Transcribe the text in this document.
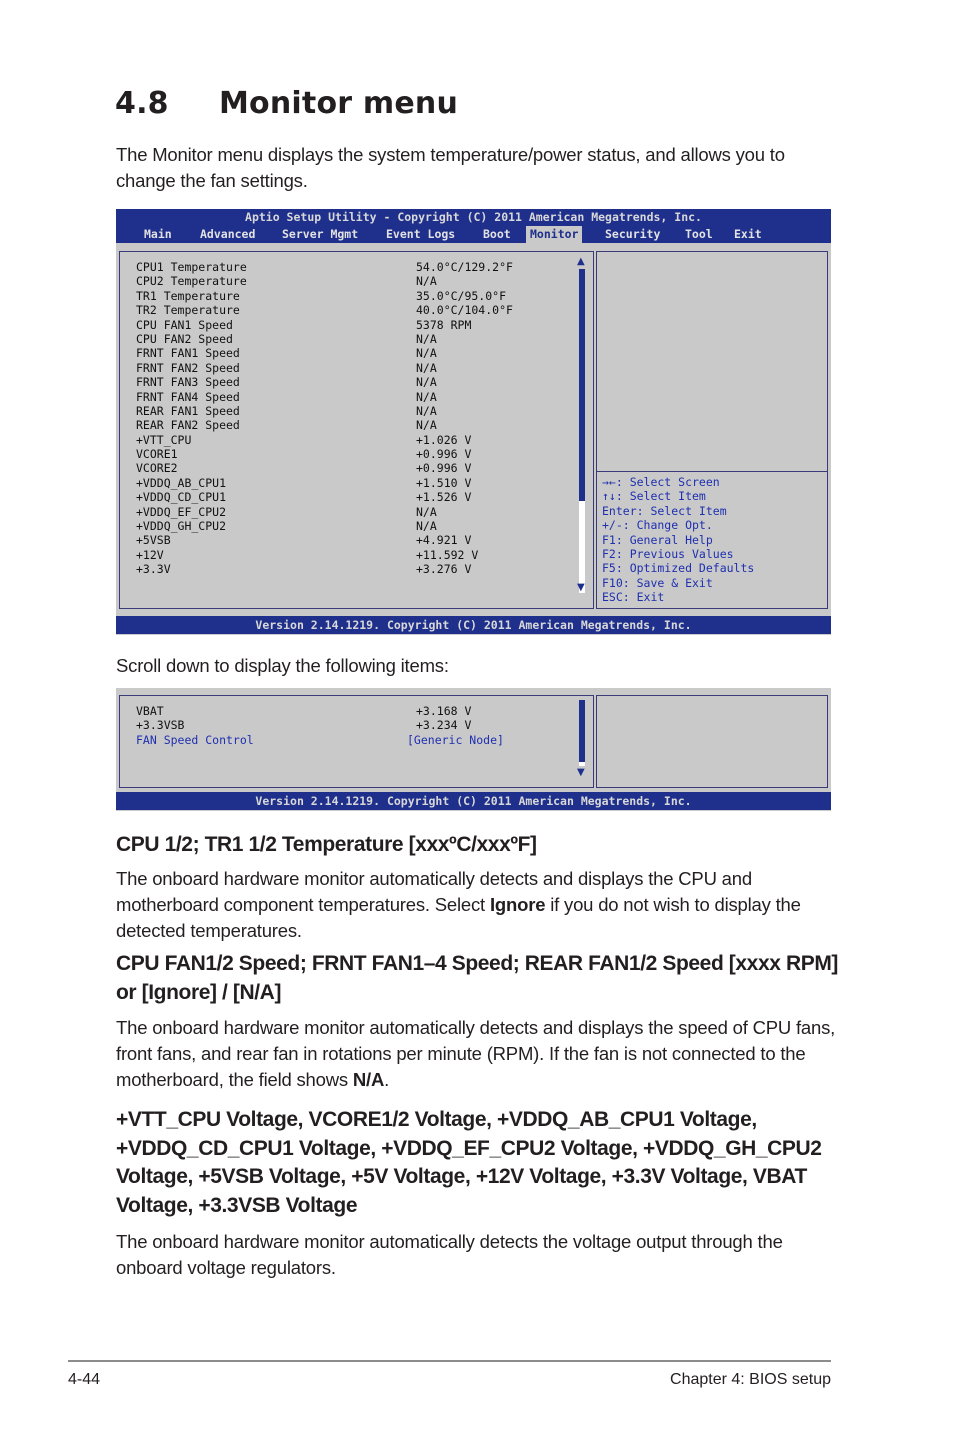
4.8 Monitor menu
The Monitor menu displays the system temperature/power status, and allows you to change the fan settings.
Aptio Setup Utility - Copyright (C) 2011 American Megatrends, Inc.
Main	Advanced	Server Mgmt	Event Logs	Boot	Monitor	Security	Tool	Exit
CPU1 Temperature	54.0°C/129.2°F
CPU2 Temperature	N/A
TR1 Temperature	35.0°C/95.0°F
TR2 Temperature	40.0°C/104.0°F
CPU FAN1 Speed	5378 RPM
CPU FAN2 Speed	N/A
FRNT FAN1 Speed	N/A
FRNT FAN2 Speed	N/A
FRNT FAN3 Speed	N/A
FRNT FAN4 Speed	N/A
REAR FAN1 Speed	N/A
REAR FAN2 Speed	N/A
+VTT_CPU	+1.026 V
VCORE1	+0.996 V
VCORE2	+0.996 V
+VDDQ_AB_CPU1	+1.510 V
+VDDQ_CD_CPU1	+1.526 V
+VDDQ_EF_CPU2	N/A
+VDDQ_GH_CPU2	N/A
+5VSB	+4.921 V
+12V	+11.592 V
+3.3V	+3.276 V
▲
▼
→←: Select Screen
↑↓: Select Item
Enter: Select Item
+/-: Change Opt.
F1: General Help
F2: Previous Values
F5: Optimized Defaults
F10: Save & Exit
ESC: Exit
Version 2.14.1219. Copyright (C) 2011 American Megatrends, Inc.
Scroll down to display the following items:
VBAT	+3.168 V
+3.3VSB	+3.234 V
FAN Speed Control	[Generic Node]
▼
Version 2.14.1219. Copyright (C) 2011 American Megatrends, Inc.
CPU 1/2; TR1 1/2 Temperature [xxxºC/xxxºF]
The onboard hardware monitor automatically detects and displays the CPU and motherboard component temperatures. Select Ignore if you do not wish to display the detected temperatures.
CPU FAN1/2 Speed; FRNT FAN1–4 Speed; REAR FAN1/2 Speed [xxxx RPM] or [Ignore] / [N/A]
The onboard hardware monitor automatically detects and displays the speed of CPU fans, front fans, and rear fan in rotations per minute (RPM). If the fan is not connected to the motherboard, the field shows N/A.
+VTT_CPU Voltage, VCORE1/2 Voltage, +VDDQ_AB_CPU1 Voltage, +VDDQ_CD_CPU1 Voltage, +VDDQ_EF_CPU2 Voltage, +VDDQ_GH_CPU2 Voltage, +5VSB Voltage, +5V Voltage, +12V Voltage, +3.3V Voltage, VBAT Voltage, +3.3VSB Voltage
The onboard hardware monitor automatically detects the voltage output through the onboard voltage regulators.
4-44	Chapter 4: BIOS setup
